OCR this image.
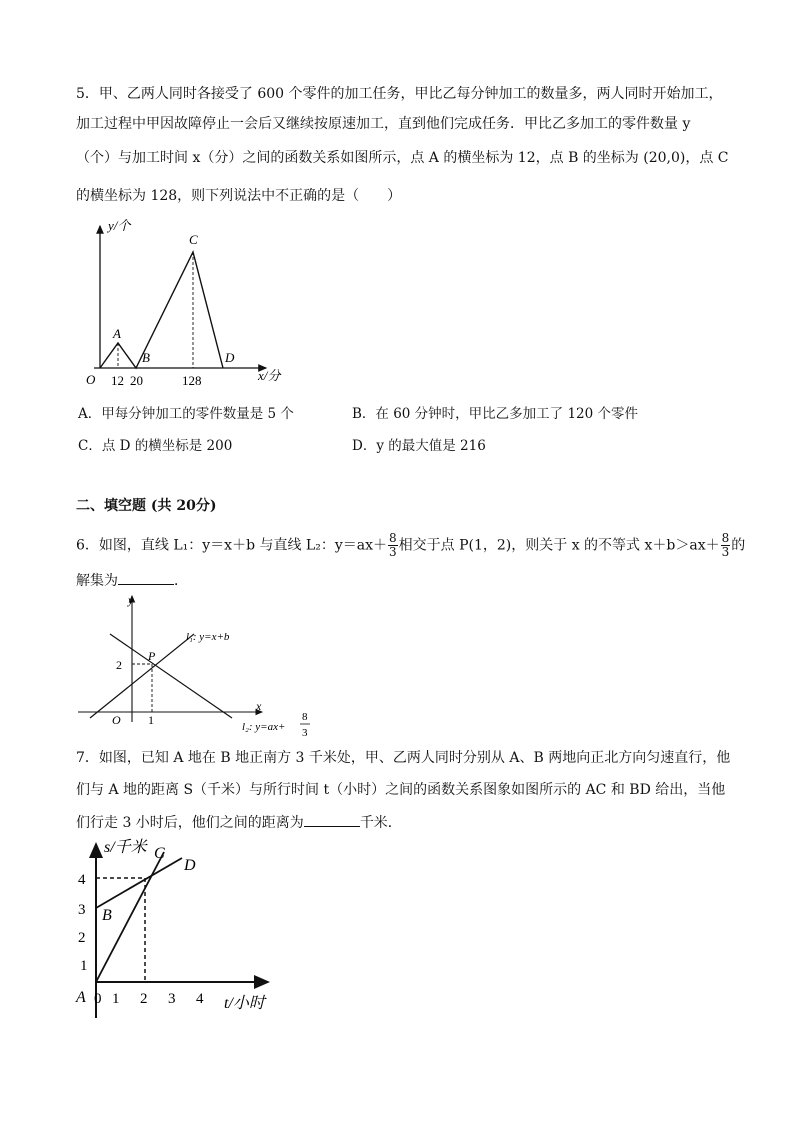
5．甲、乙两人同时各接受了 600 个零件的加工任务，甲比乙每分钟加工的数量多，两人同时开始加工，
加工过程中甲因故障停止一会后又继续按原速加工，直到他们完成任务．甲比乙多加工的零件数量 y
（个）与加工时间 x（分）之间的函数关系如图所示，点 A 的横坐标为 12，点 B 的坐标为 (20,0)，点 C
的横坐标为 128，则下列说法中不正确的是（　　）
y/个
x/分
O
A
B
C
D
12 20	128
A．甲每分钟加工的零件数量是 5 个	B．在 60 分钟时，甲比乙多加工了 120 个零件
C．点 D 的横坐标是 200	D．y 的最大值是 216
二、填空题 (共 20分)
6．如图，直线 L₁：y＝x＋b 与直线 L₂：$y=ax+ \frac{8}{3}$ 相交于点 P(1，2)，则关于 x 的不等式 $x+b>ax+ \frac{8}{3}$ 的
解集为	．
y
x
O
P
2
1
l₁: y=x+b
l₂: y=ax+
8
3
7．如图，已知 A 地在 B 地正南方 3 千米处，甲、乙两人同时分别从 A、B 两地向正北方向匀速直行，他
们与 A 地的距离 S（千米）与所行时间 t（小时）之间的函数关系图象如图所示的 AC 和 BD 给出，当他
们行走 3 小时后，他们之间的距离为	千米．
s/千米
t/小时
A
B
C
D
0 1 2 3 4
1
2
3
4
